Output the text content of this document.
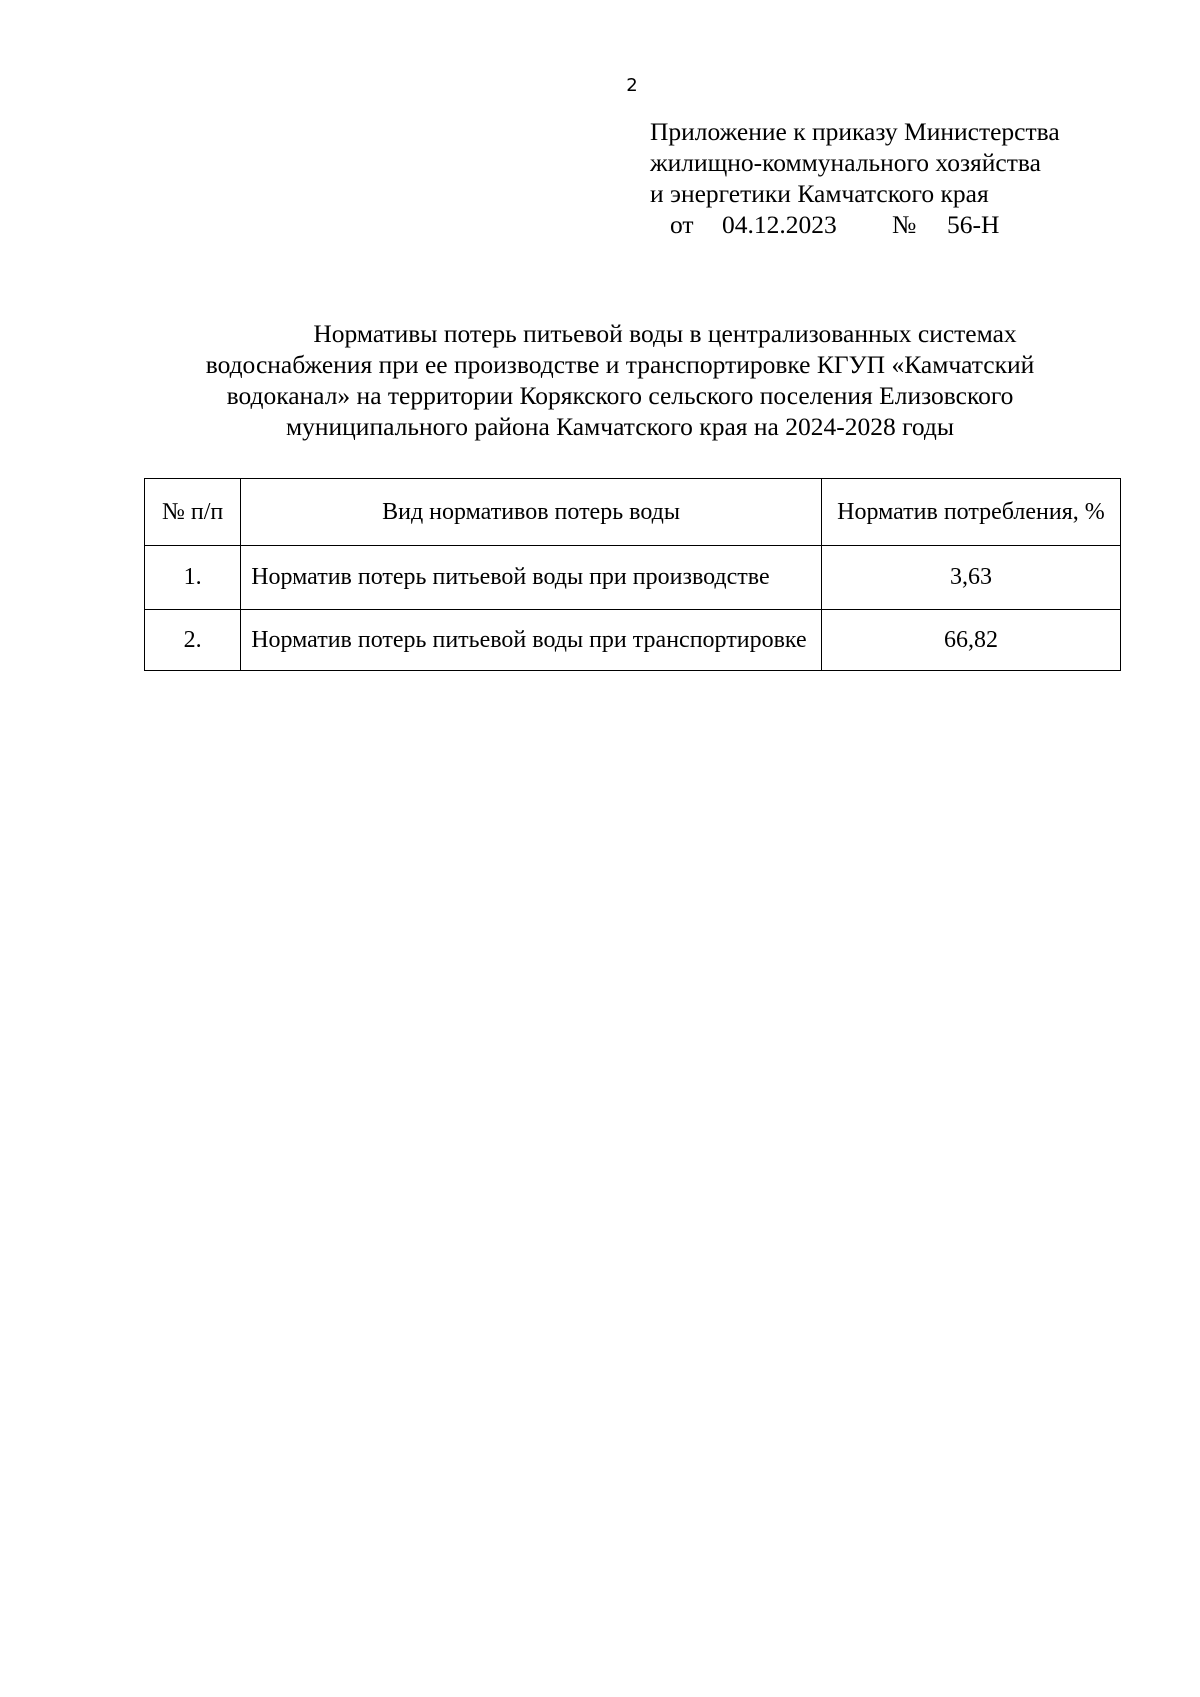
2
Приложение к приказу Министерства
жилищно-коммунального хозяйства
и энергетики Камчатского края
от 04.12.2023 № 56-Н
Нормативы потерь питьевой воды в централизованных системах
водоснабжения при ее производстве и транспортировке КГУП «Камчатский
водоканал» на территории Корякского сельского поселения Елизовского
муниципального района Камчатского края на 2024-2028 годы
№ п/п	Вид нормативов потерь воды	Норматив потребления, %
1.	Норматив потерь питьевой воды при производстве	3,63
2.	Норматив потерь питьевой воды при транспортировке	66,82
